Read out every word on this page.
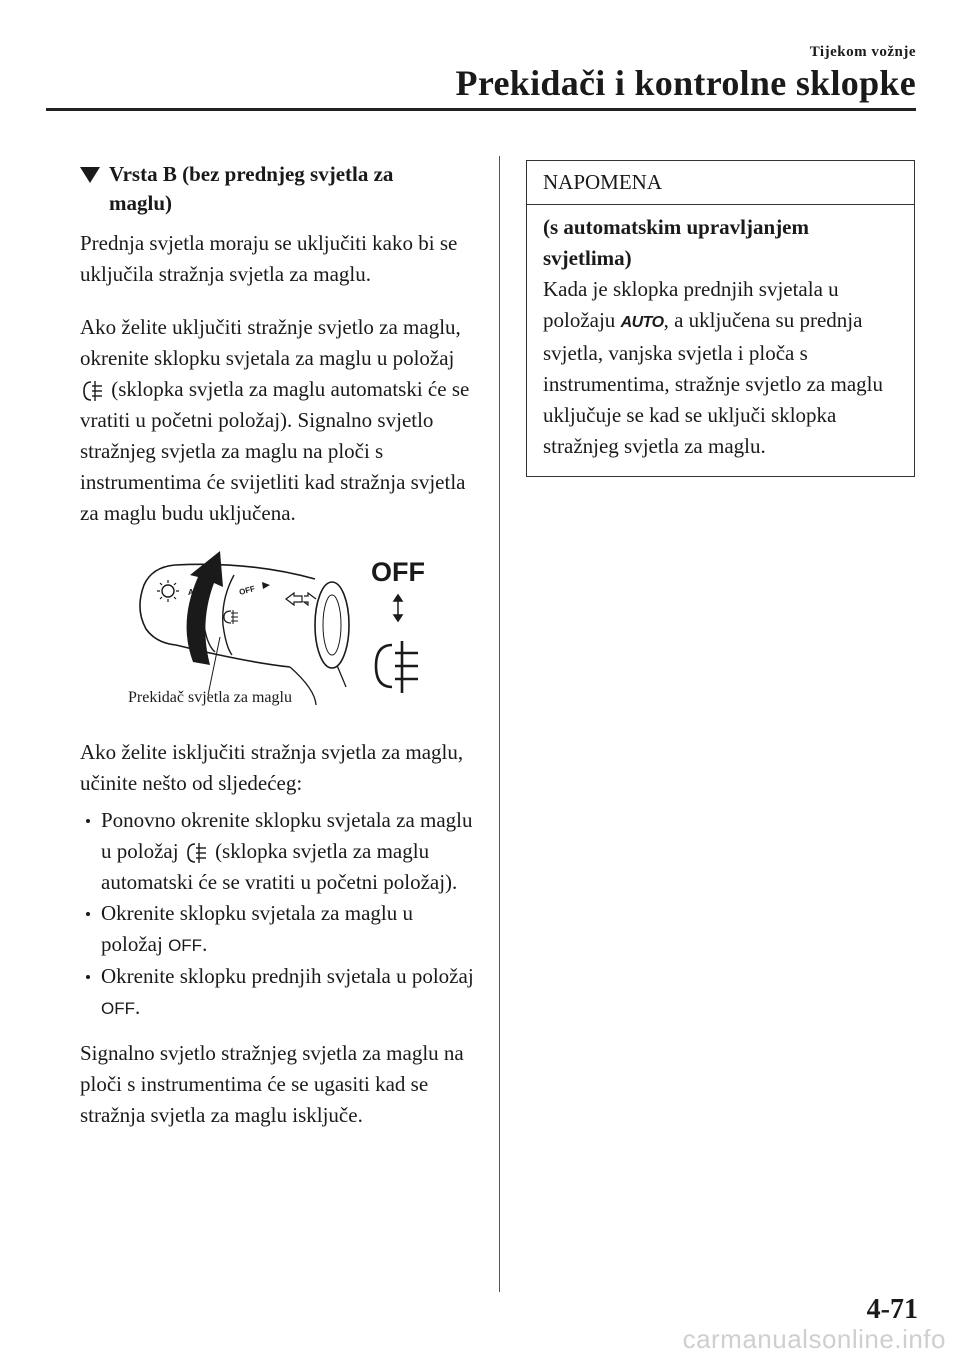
Tijekom vožnje
Prekidači i kontrolne sklopke
Vrsta B (bez prednjeg svjetla za
maglu)

Prednja svjetla moraju se uključiti kako bi se uključila stražnja svjetla za maglu.

Ako želite uključiti stražnje svjetlo za maglu, okrenite sklopku svjetala za maglu u položaj  (sklopka svjetla za maglu automatski će se vratiti u početni položaj). Signalno svjetlo stražnjeg svjetla za maglu na ploči s instrumentima će svijetliti kad stražnja svjetla za maglu budu uključena.

OFF
AU
OFF
Prekidač svjetla za maglu

Ako želite isključiti stražnja svjetla za maglu, učinite nešto od sljedećeg:

Ponovno okrenite sklopku svjetala za maglu u položaj (sklopka svjetla za maglu automatski će se vratiti u početni položaj).
Okrenite sklopku svjetala za maglu u položaj OFF.
Okrenite sklopku prednjih svjetala u položaj OFF.

Signalno svjetlo stražnjeg svjetla za maglu na ploči s instrumentima će se ugasiti kad se stražnja svjetla za maglu isključe.

NAPOMENA

(s automatskim upravljanjem svjetlima)

Kada je sklopka prednjih svjetala u položaju AUTO, a uključena su prednja svjetla, vanjska svjetla i ploča s instrumentima, stražnje svjetlo za maglu uključuje se kad se uključi sklopka stražnjeg svjetla za maglu.

4-71
carmanualsonline.info
